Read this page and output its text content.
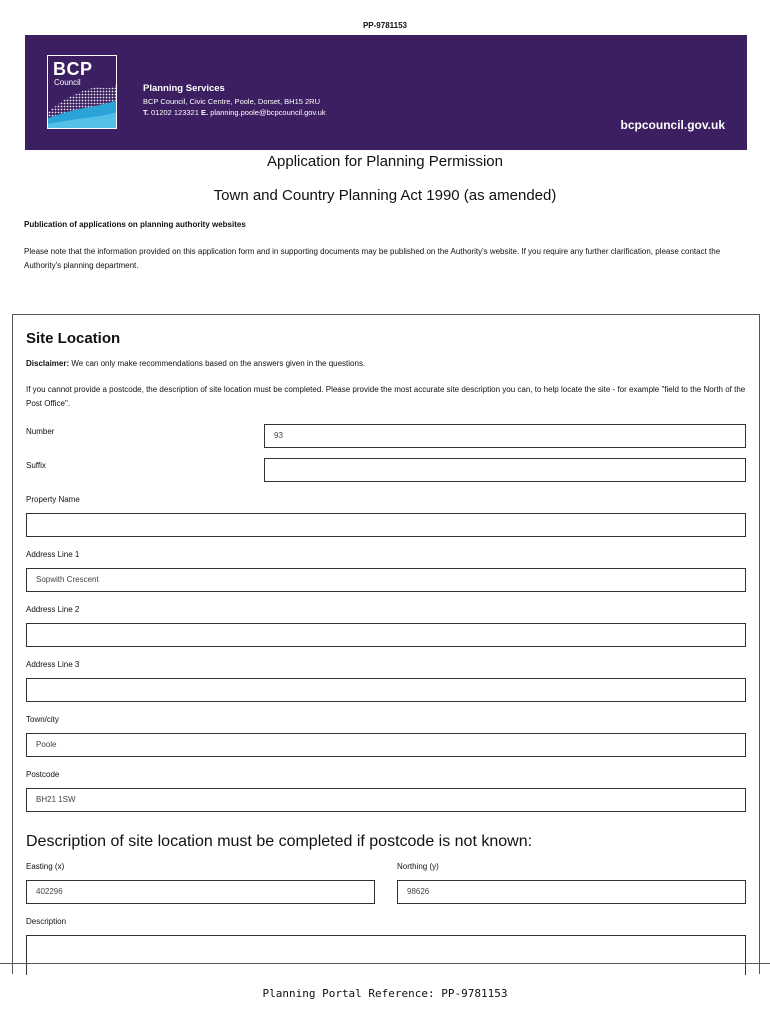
PP-9781153
BCP
Council
Planning Services
BCP Council, Civic Centre, Poole, Dorset, BH15 2RU
T. 01202 123321 E. planning.poole@bcpcouncil.gov.uk
bcpcouncil.gov.uk
Application for Planning Permission
Town and Country Planning Act 1990 (as amended)
Publication of applications on planning authority websites
Please note that the information provided on this application form and in supporting documents may be published on the Authority's website. If you require any further clarification, please contact the Authority's planning department.
Site Location
Disclaimer: We can only make recommendations based on the answers given in the questions.
If you cannot provide a postcode, the description of site location must be completed. Please provide the most accurate site description you can, to help locate the site - for example "field to the North of the Post Office".
Number	93
Suffix
Property Name
Address Line 1
Sopwith Crescent
Address Line 2
Address Line 3
Town/city
Poole
Postcode
BH21 1SW
Description of site location must be completed if postcode is not known:
Easting (x)
402296
Northing (y)
98626
Description
Planning Portal Reference: PP-9781153
